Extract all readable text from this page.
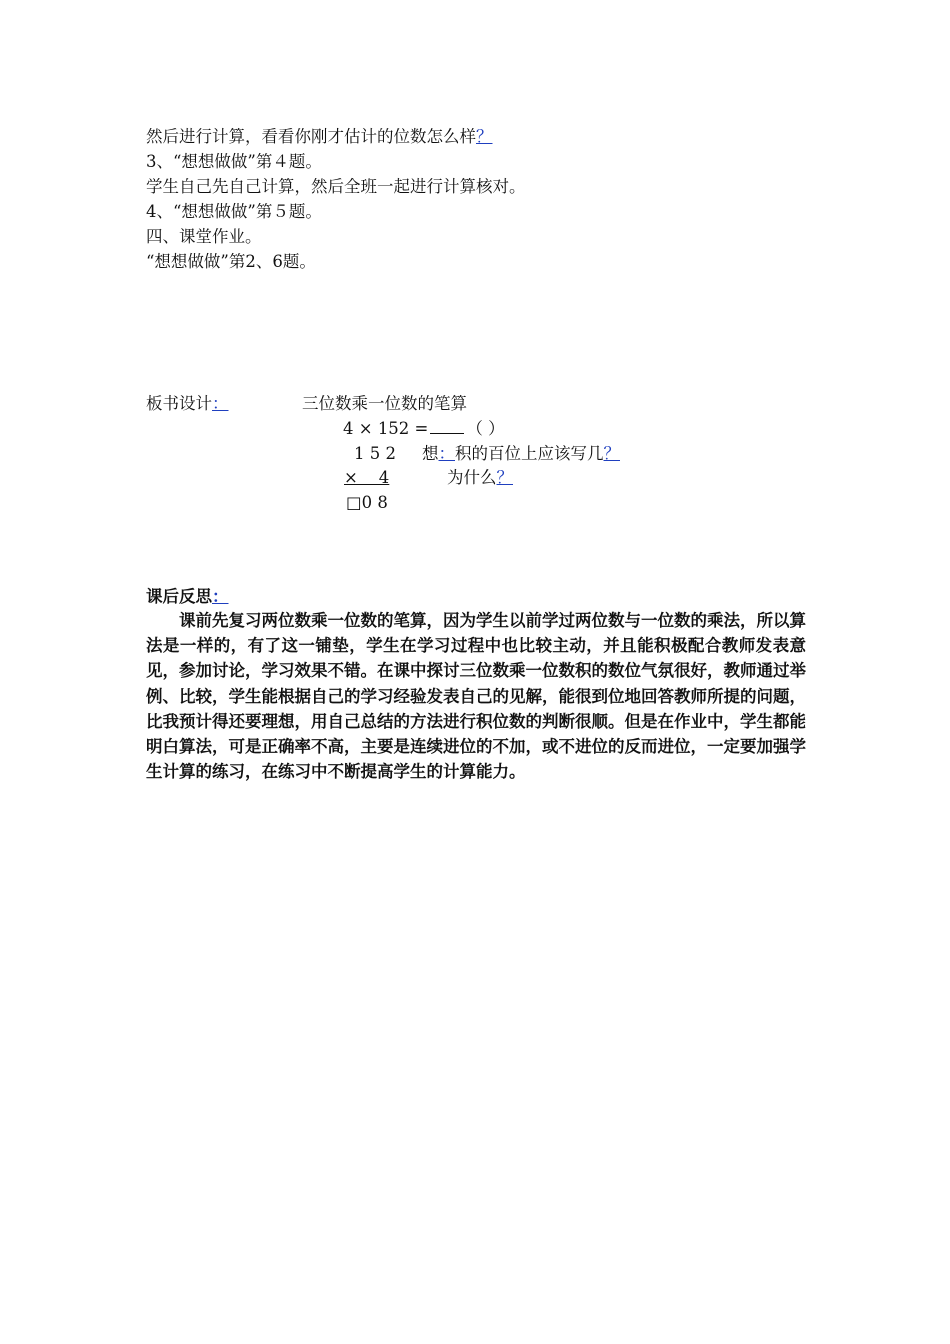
然后进行计算，看看你刚才估计的位数怎么样？

3、“想想做做”第４题。

学生自己先自己计算，然后全班一起进行计算核对。

4、“想想做做”第５题。

四、课堂作业。

“想想做做”第2、6题。

板书设计：	三位数乘一位数的笔算

4 × 152 = （ ）

1 5 2 想：积的百位上应该写几？

×    4	为什么？

□0 8

课后反思：

课前先复习两位数乘一位数的笔算，因为学生以前学过两位数与一位数的乘法，所以算法是一样的，有了这一铺垫，学生在学习过程中也比较主动，并且能积极配合教师发表意见，参加讨论，学习效果不错。在课中探讨三位数乘一位数积的数位气氛很好，教师通过举例、比较，学生能根据自己的学习经验发表自己的见解，能很到位地回答教师所提的问题，比我预计得还要理想，用自己总结的方法进行积位数的判断很顺。但是在作业中，学生都能明白算法，可是正确率不高，主要是连续进位的不加，或不进位的反而进位，一定要加强学生计算的练习，在练习中不断提高学生的计算能力。
